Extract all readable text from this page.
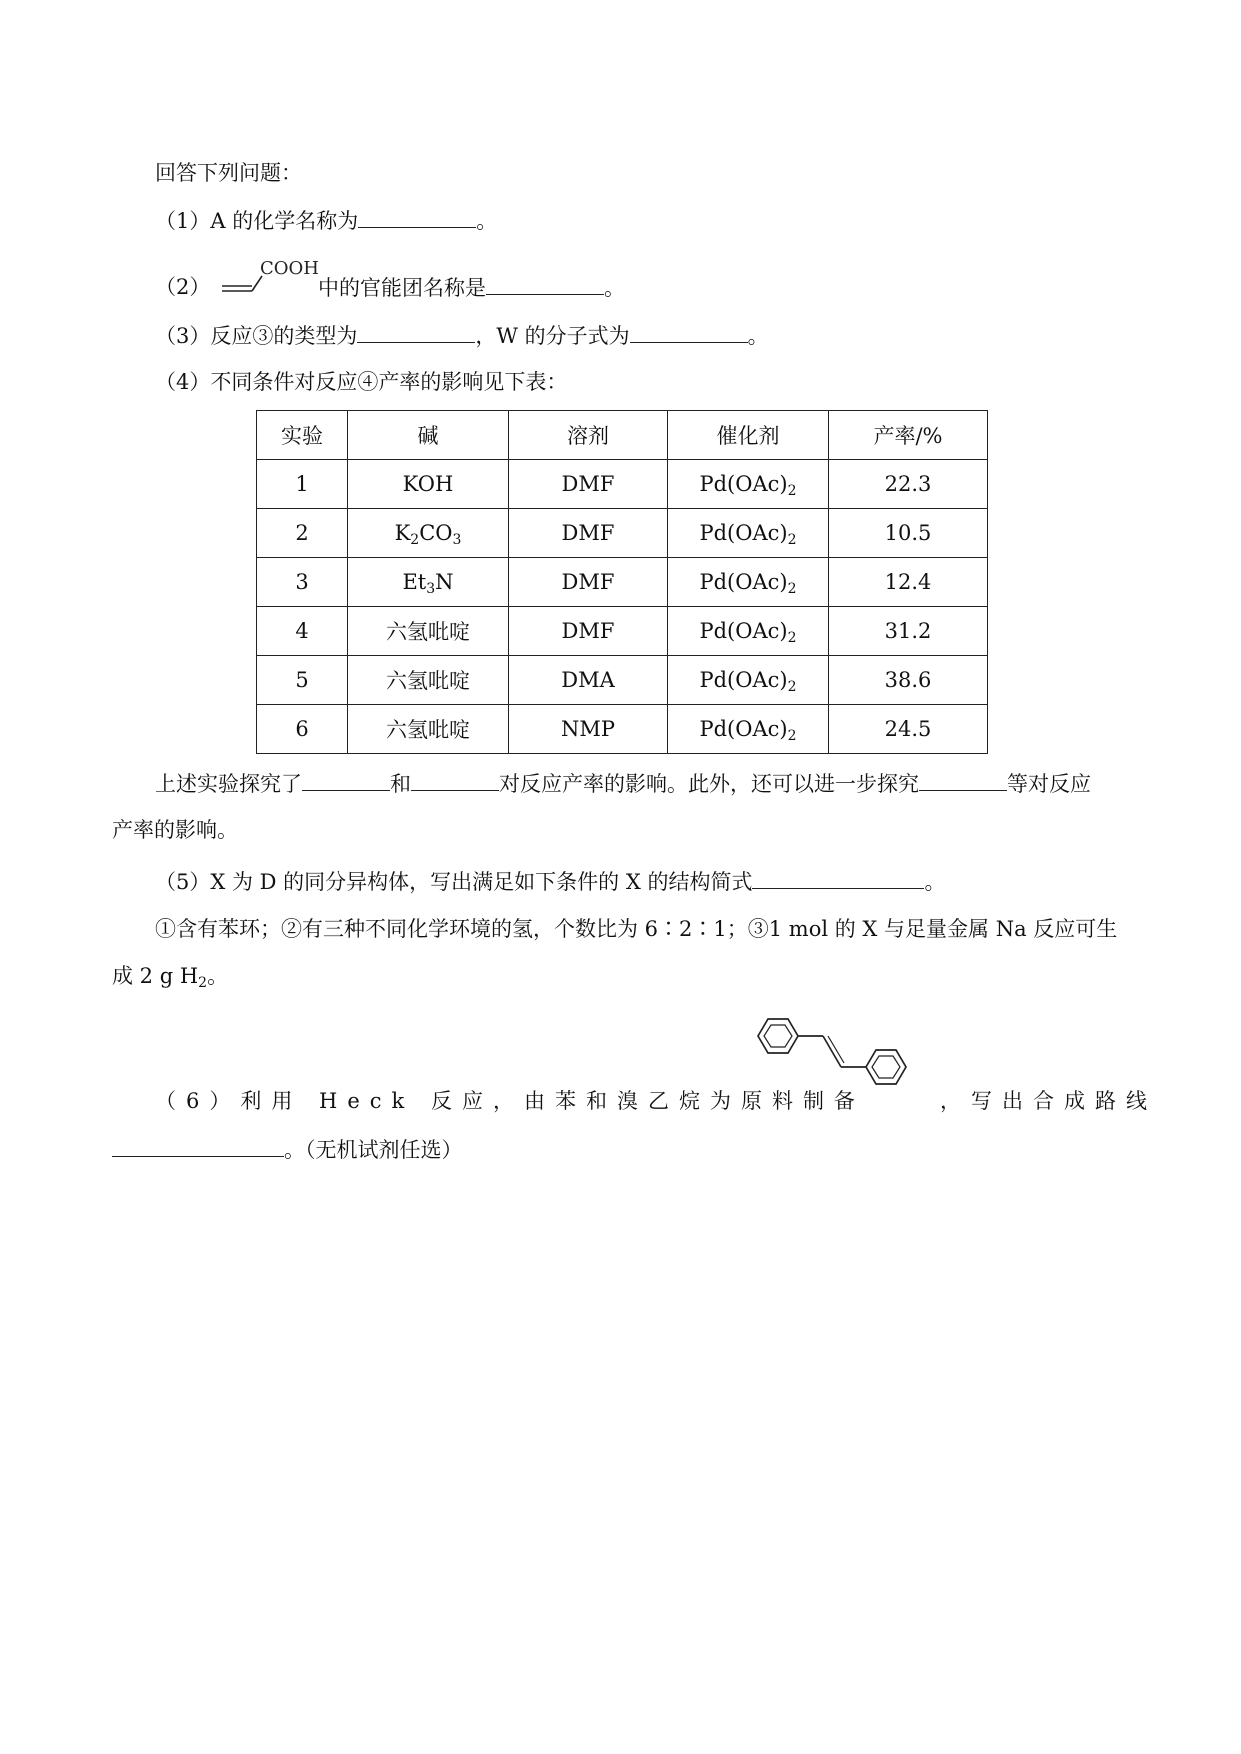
回答下列问题：
（1）A 的化学名称为	。
（2）
COOH
中的官能团名称是	。
（3）反应③的类型为	，W 的分子式为	。
（4）不同条件对反应④产率的影响见下表：
实验	碱	溶剂	催化剂	产率/%
1	KOH	DMF	$Pd(OAc)_2$	22.3
2	$K_2CO_3$	DMF	$Pd(OAc)_2$	10.5
3	$Et_3N$	DMF	$Pd(OAc)_2$	12.4
4	六氢吡啶	DMF	$Pd(OAc)_2$	31.2
5	六氢吡啶	DMA	$Pd(OAc)_2$	38.6
6	六氢吡啶	NMP	$Pd(OAc)_2$	24.5
上述实验探究了	和	对反应产率的影响。此外，还可以进一步探究	等对反应
产率的影响。
（5）X 为 D 的同分异构体，写出满足如下条件的 X 的结构简式	。
①含有苯环；②有三种不同化学环境的氢，个数比为 6∶2∶1；③1 mol 的 X 与足量金属 Na 反应可生
成 2 g $H_2$。
（6）利用 Heck 反应，由苯和溴乙烷为原料制备	，写出合成路线
。（无机试剂任选）
